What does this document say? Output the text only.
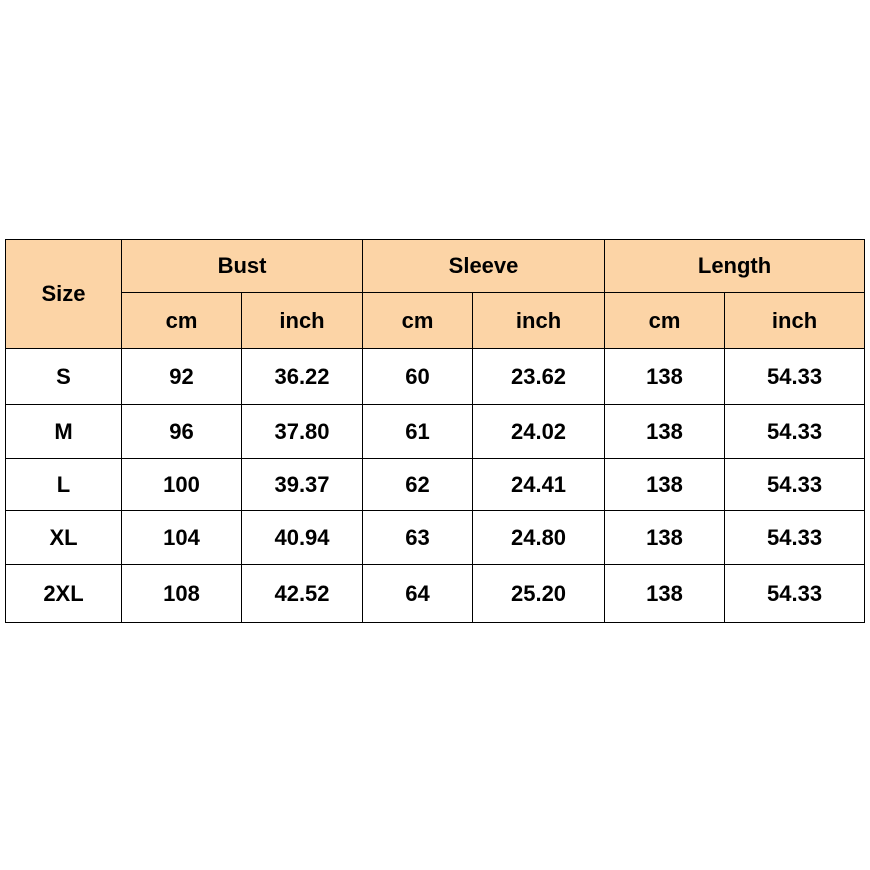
Size	Bust		Sleeve		Length	
	cm	inch	cm	inch	cm	inch
S	92	36.22	60	23.62	138	54.33
M	96	37.80	61	24.02	138	54.33
L	100	39.37	62	24.41	138	54.33
XL	104	40.94	63	24.80	138	54.33
2XL	108	42.52	64	25.20	138	54.33
